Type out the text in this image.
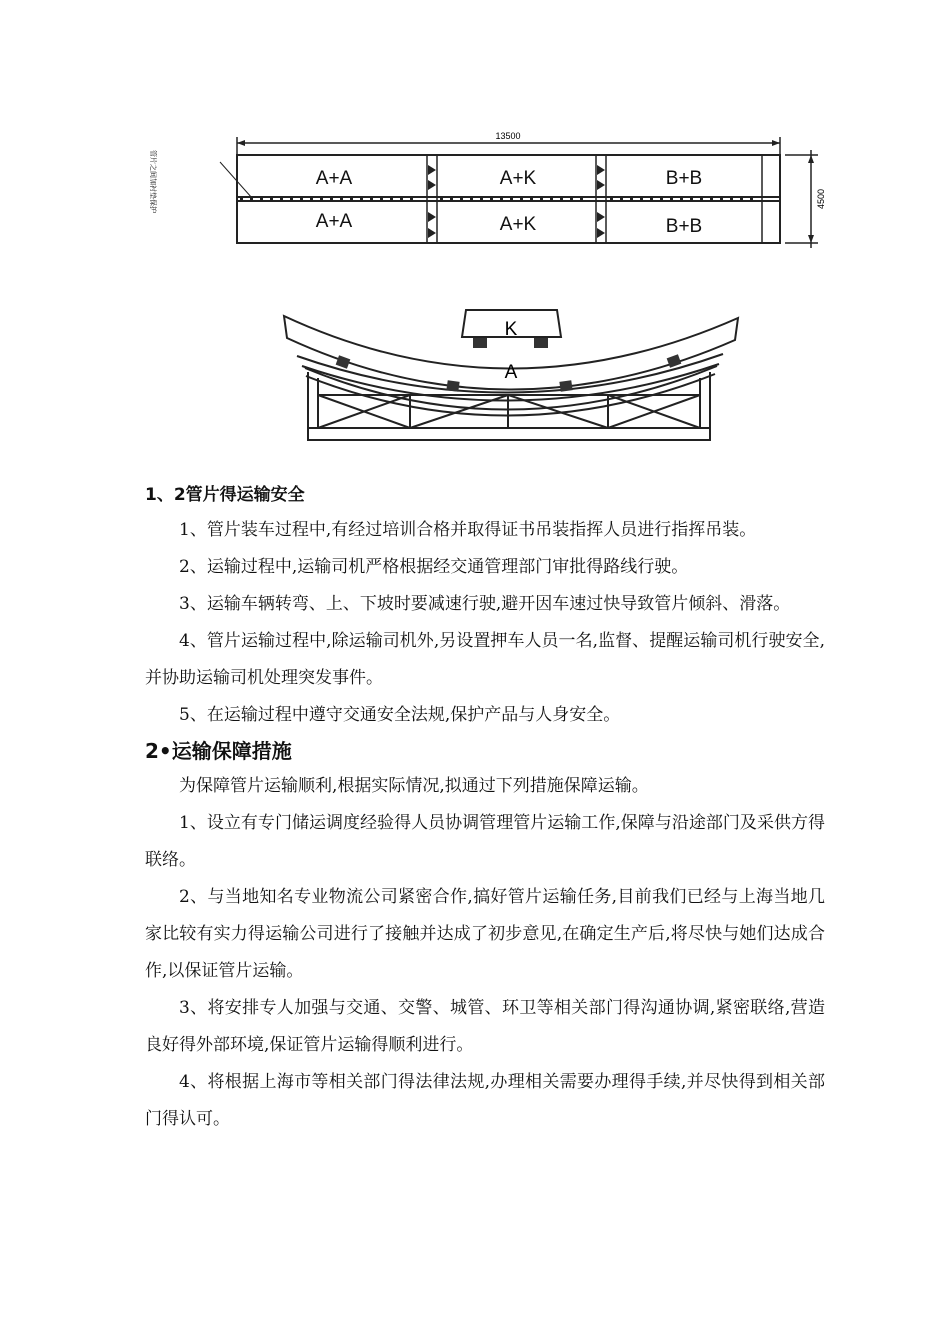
13500
4500
管片之间加衬垫保护	A+A	A+K	B+B
A+A	A+K	B+B
K
A
1、2管片得运输安全

1、管片装车过程中,有经过培训合格并取得证书吊装指挥人员进行指挥吊装。

2、运输过程中,运输司机严格根据经交通管理部门审批得路线行驶。

3、运输车辆转弯、上、下坡时要减速行驶,避开因车速过快导致管片倾斜、滑落。

4、管片运输过程中,除运输司机外,另设置押车人员一名,监督、提醒运输司机行驶安全,并协助运输司机处理突发事件。

5、在运输过程中遵守交通安全法规,保护产品与人身安全。

2•运输保障措施

为保障管片运输顺利,根据实际情况,拟通过下列措施保障运输。

1、设立有专门储运调度经验得人员协调管理管片运输工作,保障与沿途部门及采供方得联络。

2、与当地知名专业物流公司紧密合作,搞好管片运输任务,目前我们已经与上海当地几家比较有实力得运输公司进行了接触并达成了初步意见,在确定生产后,将尽快与她们达成合作,以保证管片运输。

3、将安排专人加强与交通、交警、城管、环卫等相关部门得沟通协调,紧密联络,营造良好得外部环境,保证管片运输得顺利进行。

4、将根据上海市等相关部门得法律法规,办理相关需要办理得手续,并尽快得到相关部门得认可。
